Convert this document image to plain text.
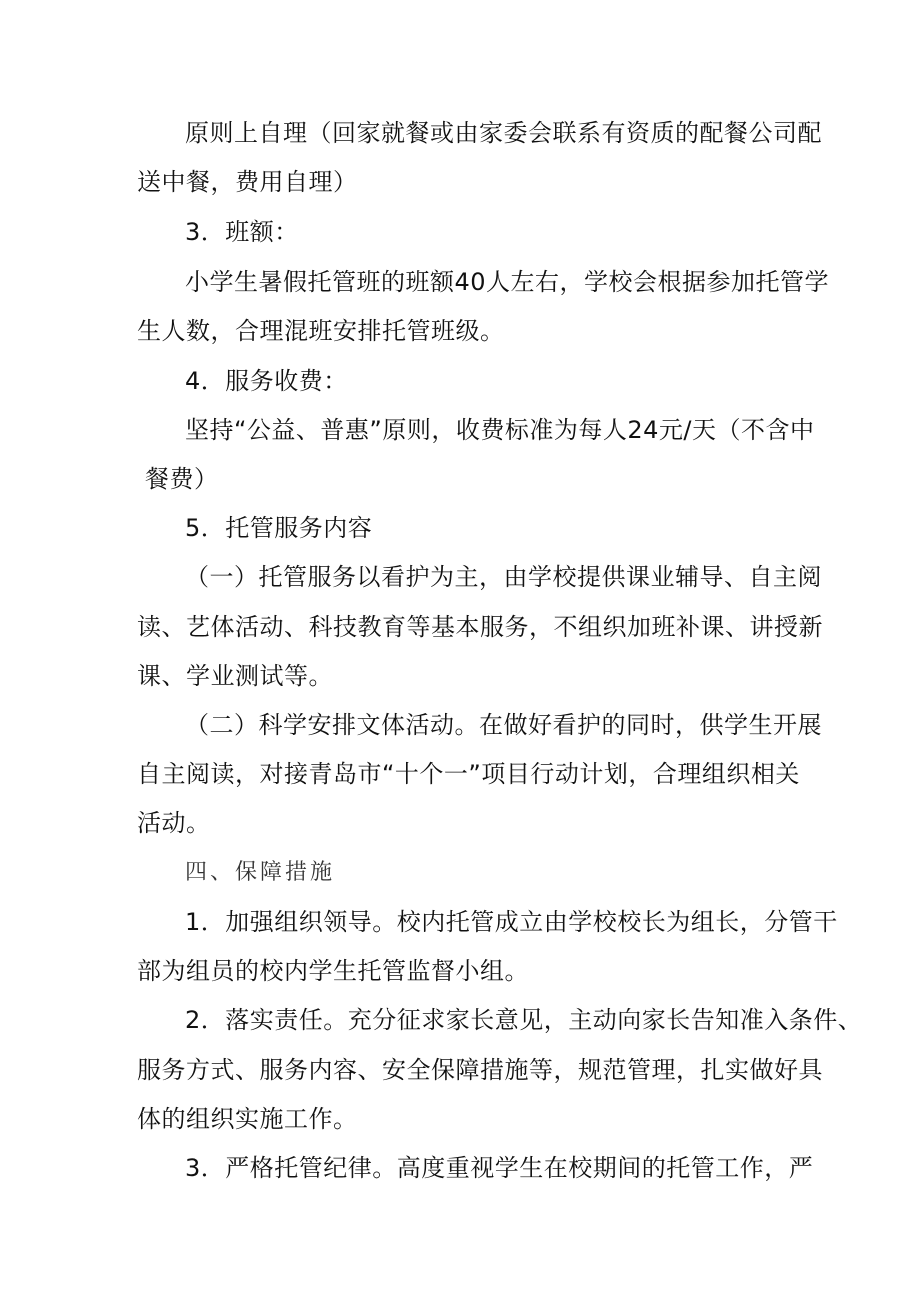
原则上自理（回家就餐或由家委会联系有资质的配餐公司配
送中餐，费用自理）
3．班额：
小学生暑假托管班的班额40人左右，学校会根据参加托管学
生人数，合理混班安排托管班级。
4．服务收费：
坚持“公益、普惠”原则，收费标准为每人24元/天（不含中
餐费）
5．托管服务内容
（一）托管服务以看护为主，由学校提供课业辅导、自主阅
读、艺体活动、科技教育等基本服务，不组织加班补课、讲授新
课、学业测试等。
（二）科学安排文体活动。在做好看护的同时，供学生开展
自主阅读，对接青岛市“十个一”项目行动计划，合理组织相关
活动。
四、保障措施
1．加强组织领导。校内托管成立由学校校长为组长，分管干
部为组员的校内学生托管监督小组。
2．落实责任。充分征求家长意见，主动向家长告知准入条件、
服务方式、服务内容、安全保障措施等，规范管理，扎实做好具
体的组织实施工作。
3．严格托管纪律。高度重视学生在校期间的托管工作，严
